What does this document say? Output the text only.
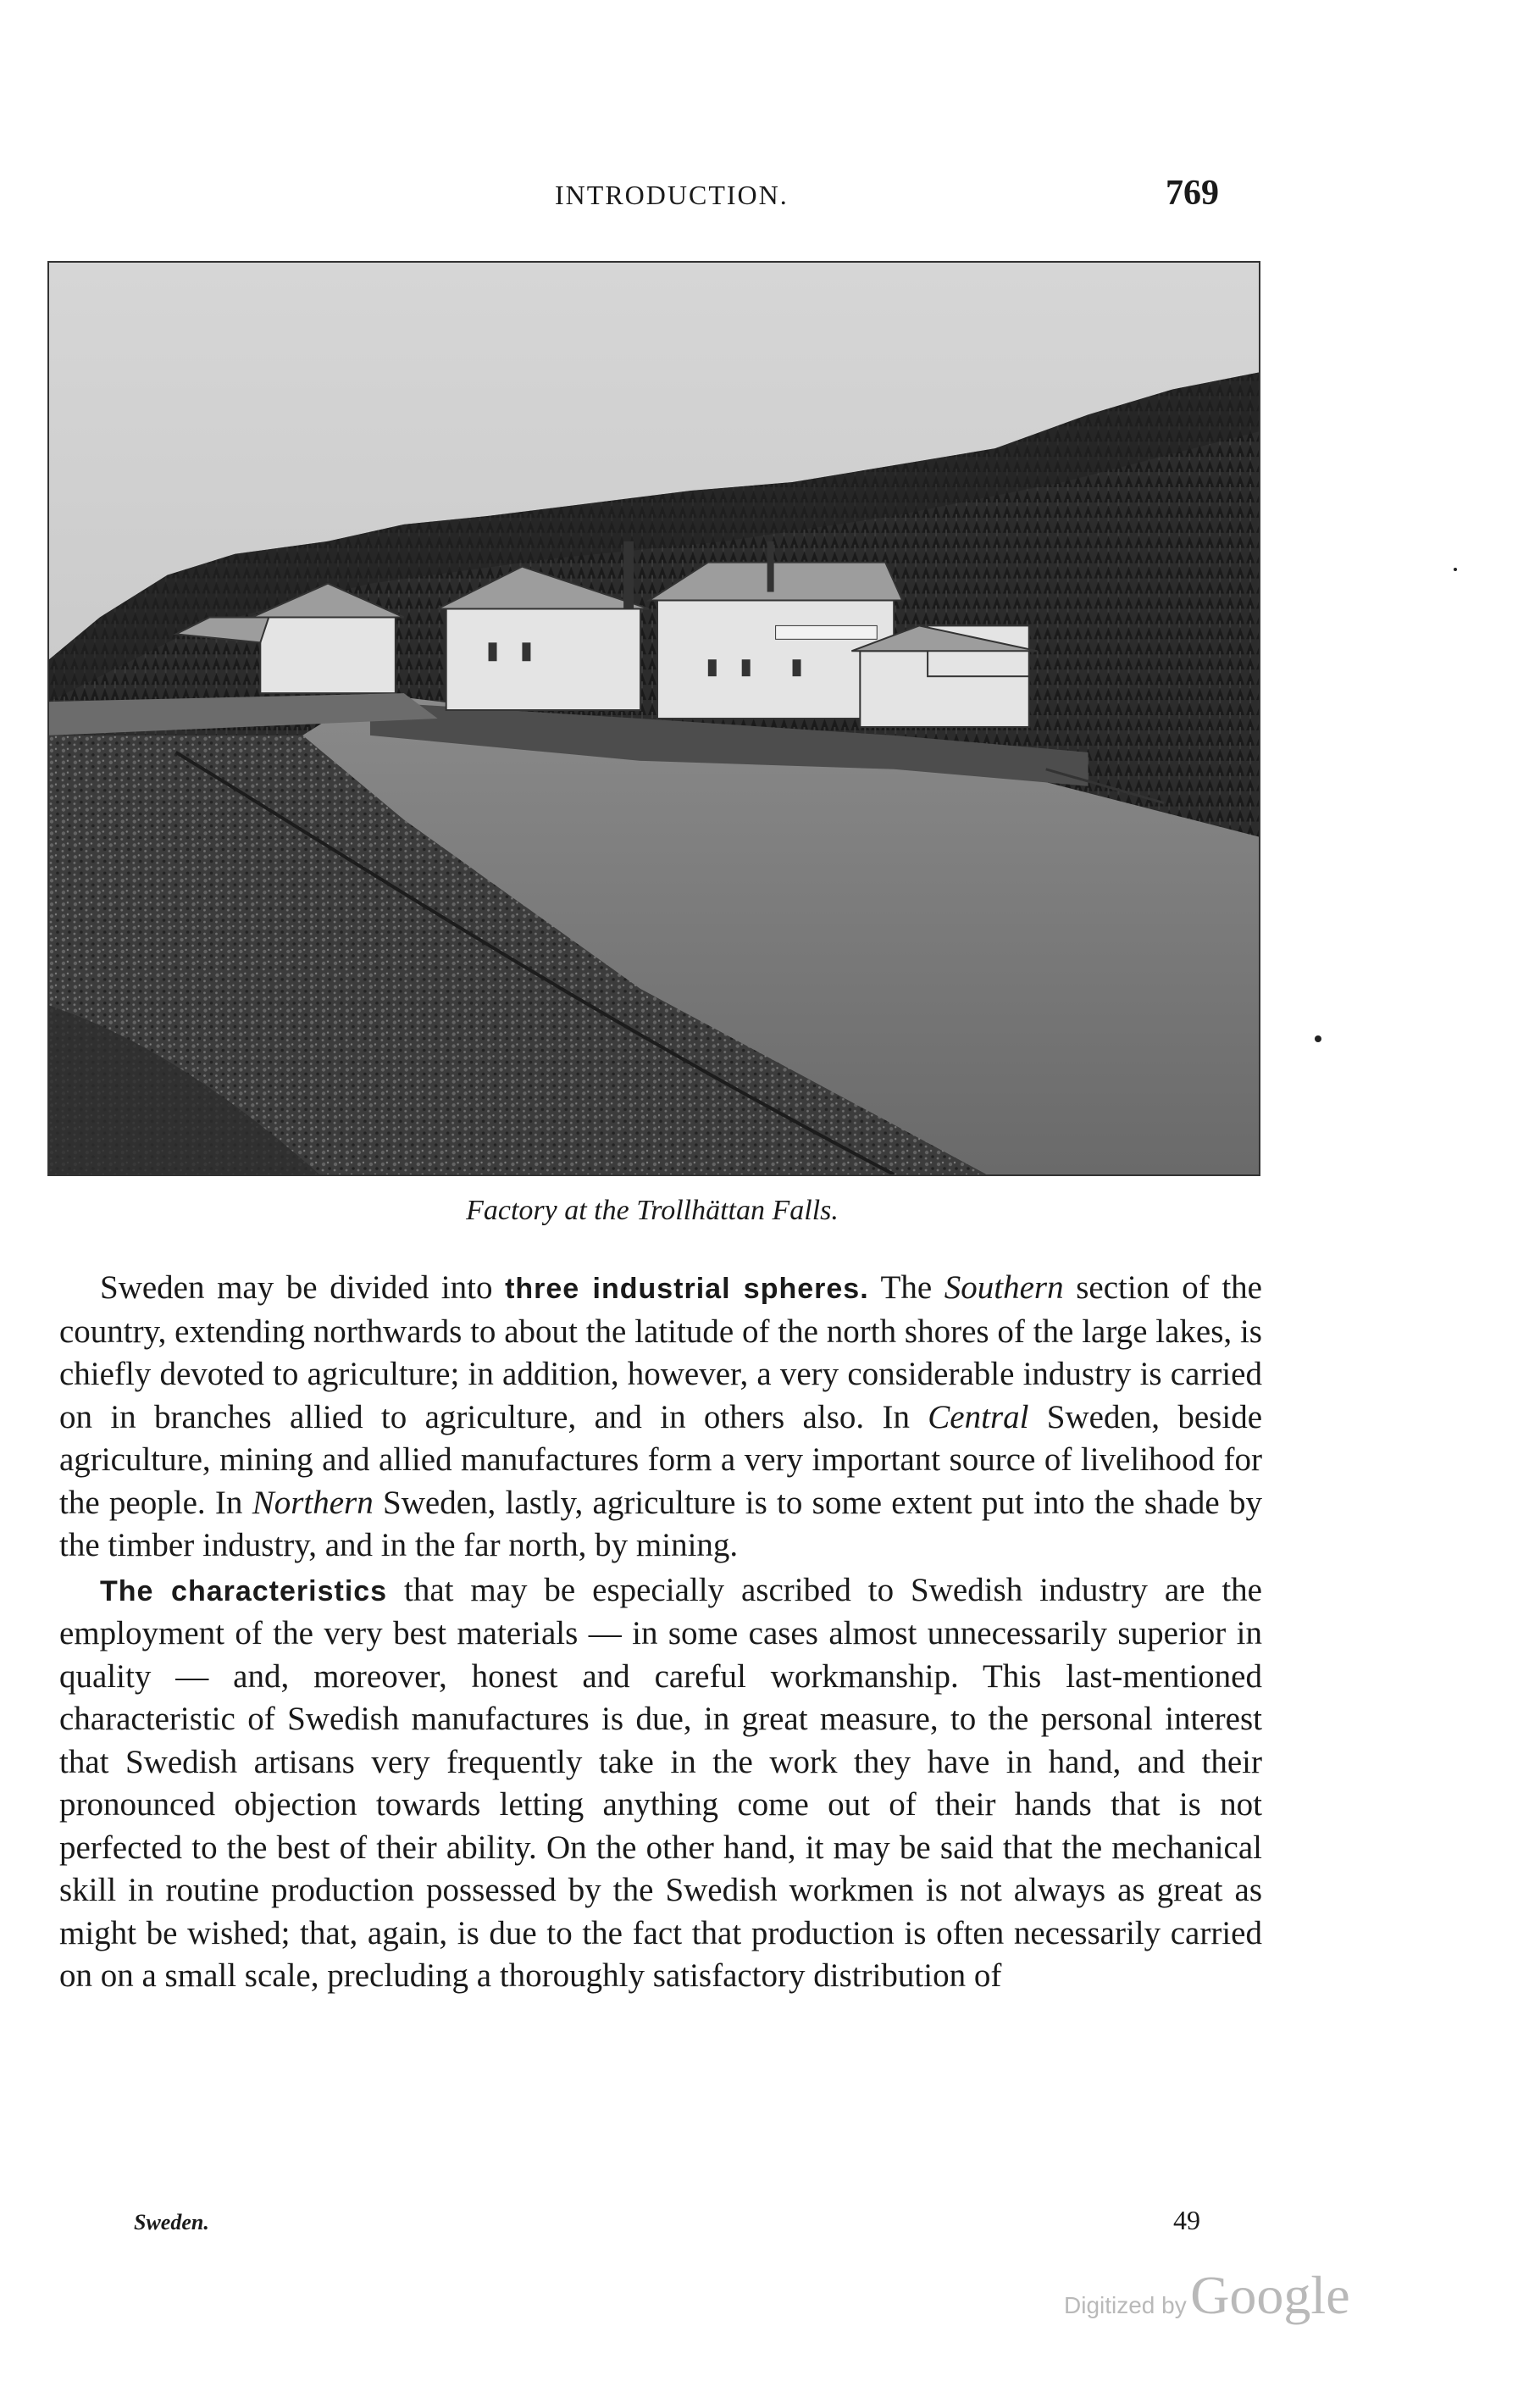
INTRODUCTION.	769
Factory at the Trollhättan Falls.

Sweden may be divided into three industrial spheres. The Southern section of the country, extending northwards to about the latitude of the north shores of the large lakes, is chiefly devoted to agriculture; in addition, however, a very considerable industry is carried on in branches allied to agriculture, and in others also. In Central Sweden, beside agriculture, mining and allied manufactures form a very important source of livelihood for the people. In Northern Sweden, lastly, agriculture is to some extent put into the shade by the timber industry, and in the far north, by mining.

The characteristics that may be especially ascribed to Swedish industry are the employment of the very best materials — in some cases almost unnecessarily superior in quality — and, moreover, honest and careful workmanship. This last-mentioned characteristic of Swedish manufactures is due, in great measure, to the personal interest that Swedish artisans very frequently take in the work they have in hand, and their pronounced objection towards letting anything come out of their hands that is not perfected to the best of their ability. On the other hand, it may be said that the mechanical skill in routine production possessed by the Swedish workmen is not always as great as might be wished; that, again, is due to the fact that production is often necessarily carried on on a small scale, precluding a thoroughly satisfactory distribution of

Sweden.	49
Digitized by Google
